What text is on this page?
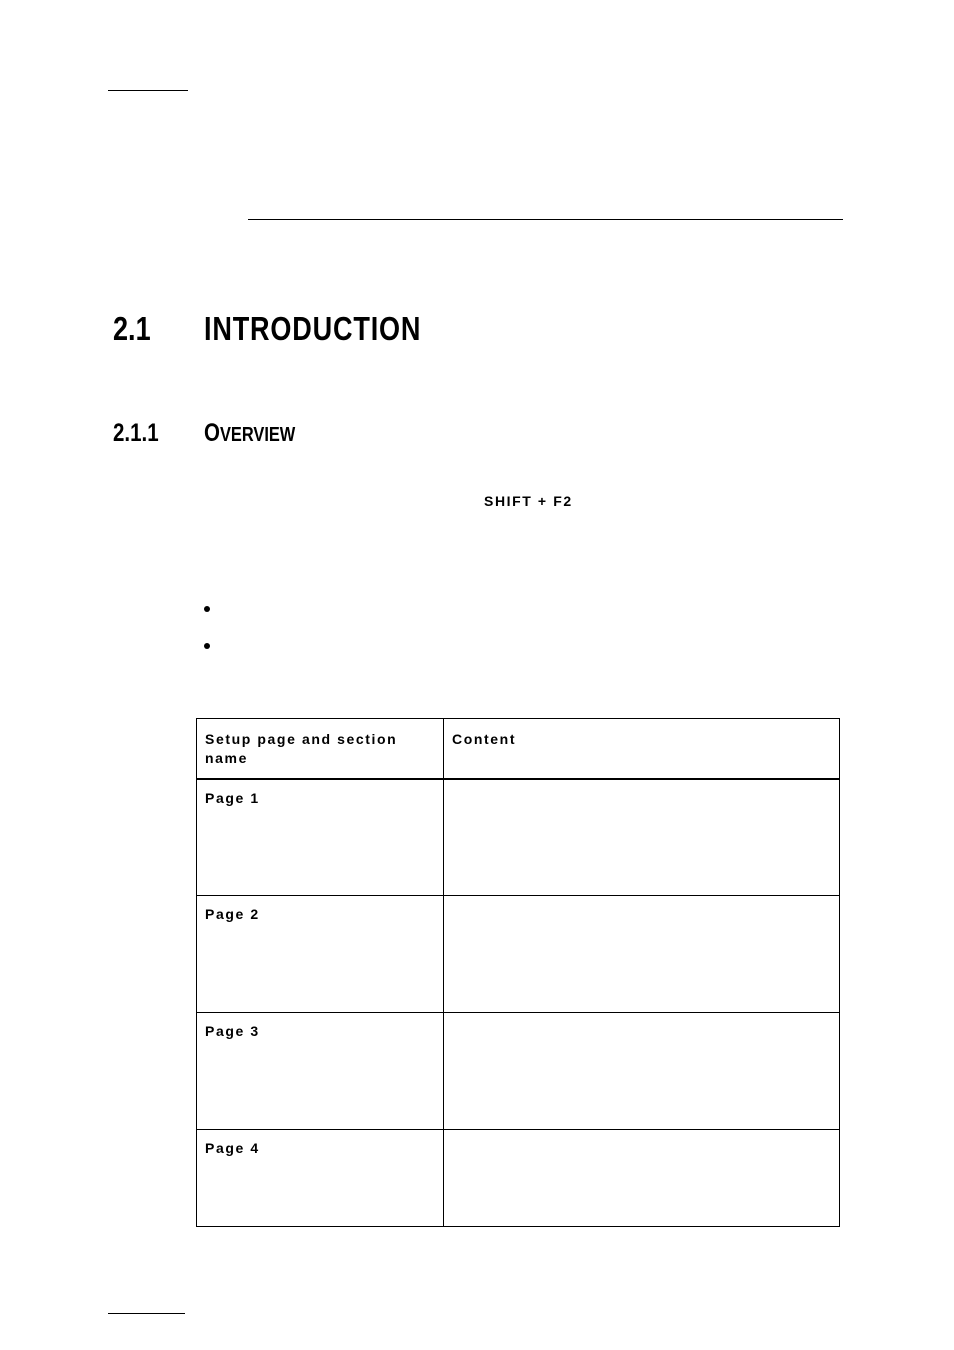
2.1 INTRODUCTION
2.1.1 OVERVIEW
SHIFT + F2
Setup page and section name
Content
Page 1
Page 2
Page 3
Page 4
